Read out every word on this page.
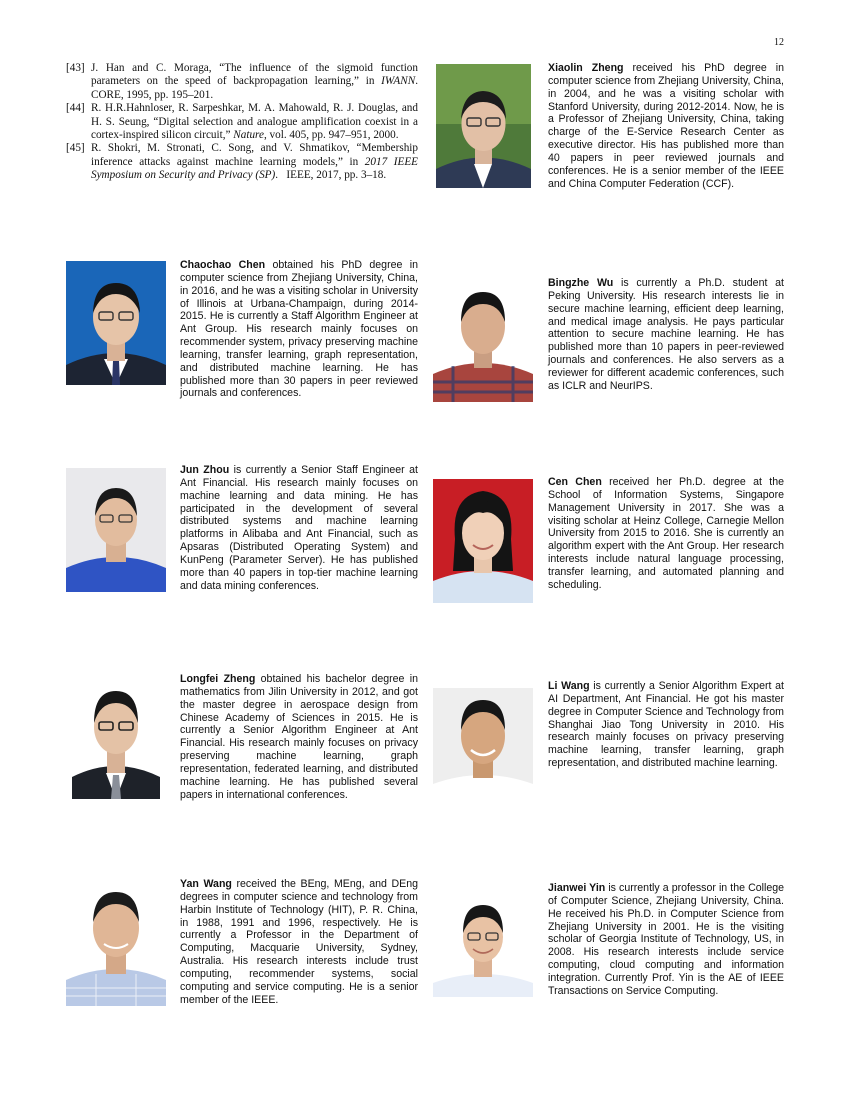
12
[43] J. Han and C. Moraga, “The influence of the sigmoid function parameters on the speed of backpropagation learning,” in IWANN. CORE, 1995, pp. 195–201.
[44] R. H.R.Hahnloser, R. Sarpeshkar, M. A. Mahowald, R. J. Douglas, and H. S. Seung, “Digital selection and analogue amplification coexist in a cortex-inspired silicon circuit,” Nature, vol. 405, pp. 947–951, 2000.
[45] R. Shokri, M. Stronati, C. Song, and V. Shmatikov, “Membership inference attacks against machine learning models,” in 2017 IEEE Symposium on Security and Privacy (SP).   IEEE, 2017, pp. 3–18.
Xiaolin Zheng received his PhD degree in computer science from Zhejiang University, China, in 2004, and he was a visiting scholar with Stanford University, during 2012-2014. Now, he is a Professor of Zhejiang University, China, taking charge of the E-Service Research Center as executive director. His has published more than 40 papers in peer reviewed journals and conferences. He is a senior member of the IEEE and China Computer Federation (CCF).
Chaochao Chen obtained his PhD degree in computer science from Zhejiang University, China, in 2016, and he was a visiting scholar in University of Illinois at Urbana-Champaign, during 2014-2015. He is currently a Staff Algorithm Engineer at Ant Group. His research mainly focuses on recommender system, privacy preserving machine learning, transfer learning, graph representation, and distributed machine learning. He has published more than 30 papers in peer reviewed journals and conferences.
Bingzhe Wu is currently a Ph.D. student at Peking University. His research interests lie in secure machine learning, efficient deep learning, and medical image analysis. He pays particular attention to secure machine learning. He has published more than 10 papers in peer-reviewed journals and conferences. He also servers as a reviewer for different academic conferences, such as ICLR and NeurIPS.
Jun Zhou is currently a Senior Staff Engineer at Ant Financial. His research mainly focuses on machine learning and data mining. He has participated in the development of several distributed systems and machine learning platforms in Alibaba and Ant Financial, such as Apsaras (Distributed Operating System) and KunPeng (Parameter Server). He has published more than 40 papers in top-tier machine learning and data mining conferences.
Cen Chen received her Ph.D. degree at the School of Information Systems, Singapore Management University in 2017. She was a visiting scholar at Heinz College, Carnegie Mellon University from 2015 to 2016. She is currently an algorithm expert with the Ant Group. Her research interests include natural language processing, transfer learning, and automated planning and scheduling.
Longfei Zheng obtained his bachelor degree in mathematics from Jilin University in 2012, and got the master degree in aerospace design from Chinese Academy of Sciences in 2015. He is currently a Senior Algorithm Engineer at Ant Financial. His research mainly focuses on privacy preserving machine learning, graph representation, federated learning, and distributed machine learning. He has published several papers in international conferences.
Li Wang is currently a Senior Algorithm Expert at AI Department, Ant Financial. He got his master degree in Computer Science and Technology from Shanghai Jiao Tong University in 2010. His research mainly focuses on privacy preserving machine learning, transfer learning, graph representation, and distributed machine learning.
Yan Wang received the BEng, MEng, and DEng degrees in computer science and technology from Harbin Institute of Technology (HIT), P. R. China, in 1988, 1991 and 1996, respectively. He is currently a Professor in the Department of Computing, Macquarie University, Sydney, Australia. His research interests include trust computing, recommender systems, social computing and service computing. He is a senior member of the IEEE.
Jianwei Yin is currently a professor in the College of Computer Science, Zhejiang University, China. He received his Ph.D. in Computer Science from Zhejiang University in 2001. He is the visiting scholar of Georgia Institute of Technology, US, in 2008. His research interests include service computing, cloud computing and information integration. Currently Prof. Yin is the AE of IEEE Transactions on Service Computing.
